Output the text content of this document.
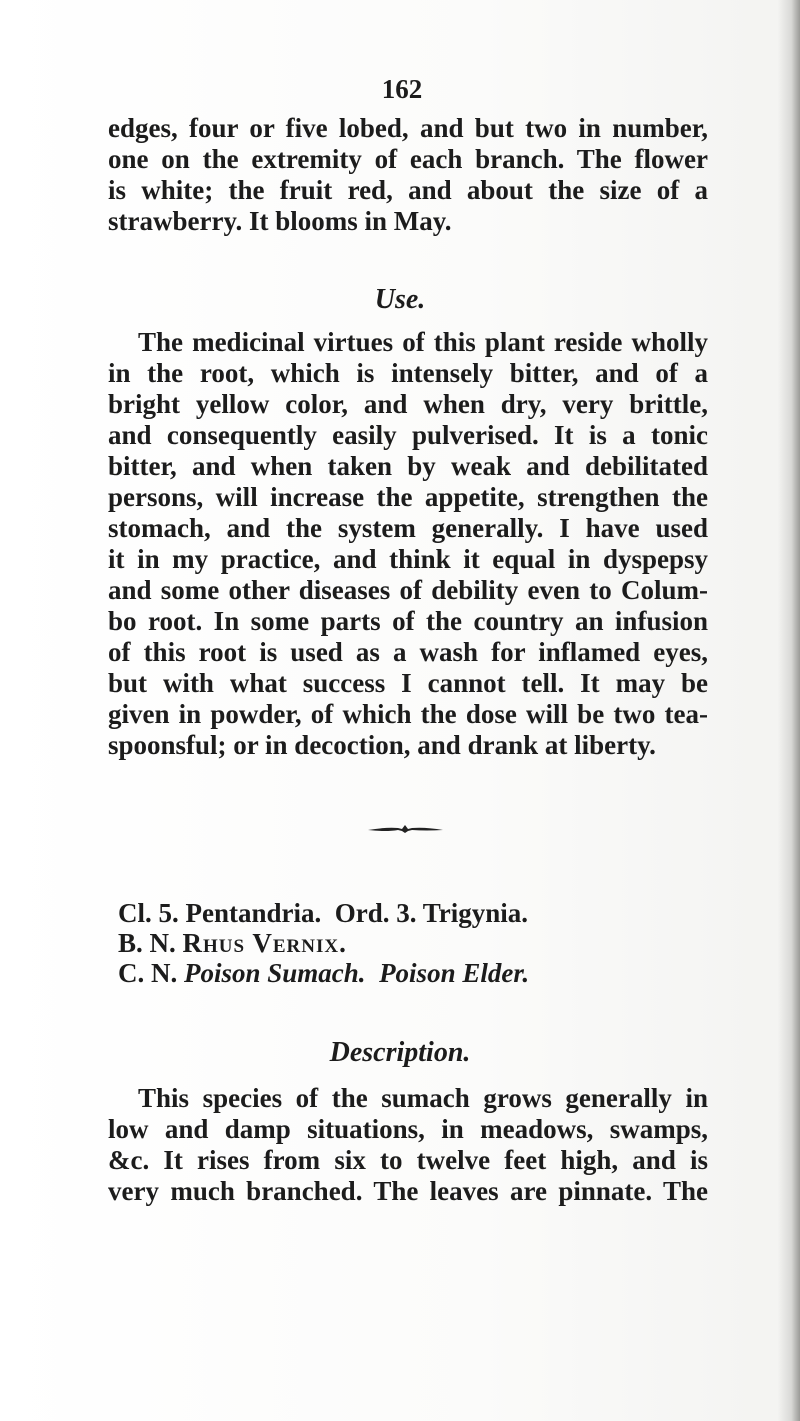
162
edges, four or five lobed, and but two in number,
one on the extremity of each branch. The flower
is white; the fruit red, and about the size of a
strawberry. It blooms in May.
Use.
The medicinal virtues of this plant reside wholly
in the root, which is intensely bitter, and of a
bright yellow color, and when dry, very brittle,
and consequently easily pulverised. It is a tonic
bitter, and when taken by weak and debilitated
persons, will increase the appetite, strengthen the
stomach, and the system generally. I have used
it in my practice, and think it equal in dyspepsy
and some other diseases of debility even to Colum-
bo root. In some parts of the country an infusion
of this root is used as a wash for inflamed eyes,
but with what success I cannot tell. It may be
given in powder, of which the dose will be two tea-
spoonsful; or in decoction, and drank at liberty.
Cl. 5. Pentandria. Ord. 3. Trigynia.
B. N. Rhus Vernix.
C. N. Poison Sumach. Poison Elder.
Description.
This species of the sumach grows generally in
low and damp situations, in meadows, swamps,
&c. It rises from six to twelve feet high, and is
very much branched. The leaves are pinnate. The
